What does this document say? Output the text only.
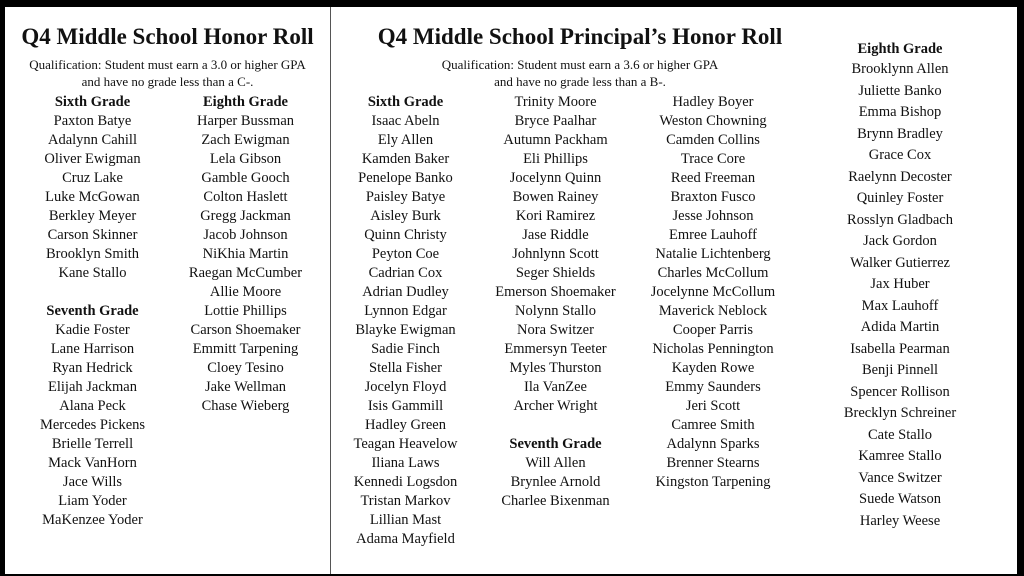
Q4 Middle School Honor Roll
Qualification: Student must earn a 3.0 or higher GPA
and have no grade less than a C-.
Sixth Grade
Paxton Batye
Adalynn Cahill
Oliver Ewigman
Cruz Lake
Luke McGowan
Berkley Meyer
Carson Skinner
Brooklyn Smith
Kane Stallo
Seventh Grade
Kadie Foster
Lane Harrison
Ryan Hedrick
Elijah Jackman
Alana Peck
Mercedes Pickens
Brielle Terrell
Mack VanHorn
Jace Wills
Liam Yoder
MaKenzee Yoder
Eighth Grade
Harper Bussman
Zach Ewigman
Lela Gibson
Gamble Gooch
Colton Haslett
Gregg Jackman
Jacob Johnson
NiKhia Martin
Raegan McCumber
Allie Moore
Lottie Phillips
Carson Shoemaker
Emmitt Tarpening
Cloey Tesino
Jake Wellman
Chase Wieberg
Q4 Middle School Principal’s Honor Roll
Qualification: Student must earn a 3.6 or higher GPA
and have no grade less than a B-.
Sixth Grade
Isaac Abeln
Ely Allen
Kamden Baker
Penelope Banko
Paisley Batye
Aisley Burk
Quinn Christy
Peyton Coe
Cadrian Cox
Adrian Dudley
Lynnon Edgar
Blayke Ewigman
Sadie Finch
Stella Fisher
Jocelyn Floyd
Isis Gammill
Hadley Green
Teagan Heavelow
Iliana Laws
Kennedi Logsdon
Tristan Markov
Lillian Mast
Adama Mayfield
Trinity Moore
Bryce Paalhar
Autumn Packham
Eli Phillips
Jocelynn Quinn
Bowen Rainey
Kori Ramirez
Jase Riddle
Johnlynn Scott
Seger Shields
Emerson Shoemaker
Nolynn Stallo
Nora Switzer
Emmersyn Teeter
Myles Thurston
Ila VanZee
Archer Wright
Seventh Grade
Will Allen
Brynlee Arnold
Charlee Bixenman
Hadley Boyer
Weston Chowning
Camden Collins
Trace Core
Reed Freeman
Braxton Fusco
Jesse Johnson
Emree Lauhoff
Natalie Lichtenberg
Charles McCollum
Jocelynne McCollum
Maverick Neblock
Cooper Parris
Nicholas Pennington
Kayden Rowe
Emmy Saunders
Jeri Scott
Camree Smith
Adalynn Sparks
Brenner Stearns
Kingston Tarpening
Eighth Grade
Brooklynn Allen
Juliette Banko
Emma Bishop
Brynn Bradley
Grace Cox
Raelynn Decoster
Quinley Foster
Rosslyn Gladbach
Jack Gordon
Walker Gutierrez
Jax Huber
Max Lauhoff
Adida Martin
Isabella Pearman
Benji Pinnell
Spencer Rollison
Brecklyn Schreiner
Cate Stallo
Kamree Stallo
Vance Switzer
Suede Watson
Harley Weese
